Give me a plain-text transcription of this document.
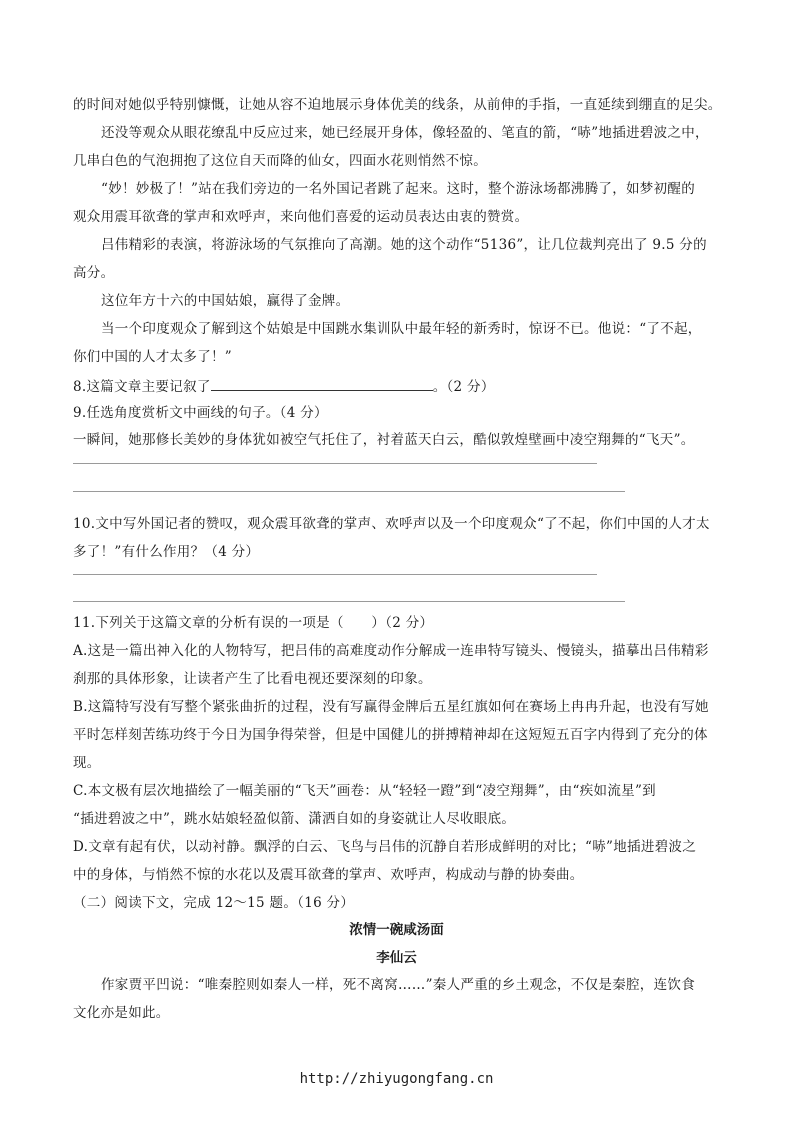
的时间对她似乎特别慷慨，让她从容不迫地展示身体优美的线条，从前伸的手指，一直延续到绷直的足尖。
还没等观众从眼花缭乱中反应过来，她已经展开身体，像轻盈的、笔直的箭，“哧”地插进碧波之中，
几串白色的气泡拥抱了这位自天而降的仙女，四面水花则悄然不惊。
“妙！妙极了！”站在我们旁边的一名外国记者跳了起来。这时，整个游泳场都沸腾了，如梦初醒的
观众用震耳欲聋的掌声和欢呼声，来向他们喜爱的运动员表达由衷的赞赏。
吕伟精彩的表演，将游泳场的气氛推向了高潮。她的这个动作“5136”，让几位裁判亮出了 9.5 分的
高分。
这位年方十六的中国姑娘，赢得了金牌。
当一个印度观众了解到这个姑娘是中国跳水集训队中最年轻的新秀时，惊讶不已。他说：“了不起，
你们中国的人才太多了！”
8.这篇文章主要记叙了	。（2 分）
9.任选角度赏析文中画线的句子。（4 分）
一瞬间，她那修长美妙的身体犹如被空气托住了，衬着蓝天白云，酷似敦煌壁画中凌空翔舞的“飞天”。
10.文中写外国记者的赞叹，观众震耳欲聋的掌声、欢呼声以及一个印度观众“了不起，你们中国的人才太
多了！”有什么作用？（4 分）
11.下列关于这篇文章的分析有误的一项是（　　）（2 分）
A.这是一篇出神入化的人物特写，把吕伟的高难度动作分解成一连串特写镜头、慢镜头，描摹出吕伟精彩
刹那的具体形象，让读者产生了比看电视还要深刻的印象。
B.这篇特写没有写整个紧张曲折的过程，没有写赢得金牌后五星红旗如何在赛场上冉冉升起，也没有写她
平时怎样刻苦练功终于今日为国争得荣誉，但是中国健儿的拼搏精神却在这短短五百字内得到了充分的体
现。
C.本文极有层次地描绘了一幅美丽的“飞天”画卷：从“轻轻一蹬”到“凌空翔舞”，由“疾如流星”到
“插进碧波之中”，跳水姑娘轻盈似箭、潇洒自如的身姿就让人尽收眼底。
D.文章有起有伏，以动衬静。飘浮的白云、飞鸟与吕伟的沉静自若形成鲜明的对比；“哧”地插进碧波之
中的身体，与悄然不惊的水花以及震耳欲聋的掌声、欢呼声，构成动与静的协奏曲。
（二）阅读下文，完成 12～15 题。（16 分）
浓情一碗咸汤面
李仙云
作家贾平凹说：“唯秦腔则如秦人一样，死不离窝……”秦人严重的乡土观念，不仅是秦腔，连饮食
文化亦是如此。
http://zhiyugongfang.cn
